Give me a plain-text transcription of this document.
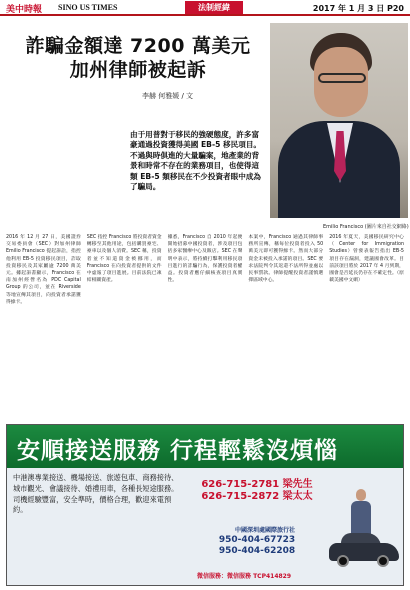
美中時報 SINO US TIMES	法制經緯	2017 年 1 月 3 日 P20
詐騙金額達 7200 萬美元
加州律師被起訴
李赫 何雅媛 / 文
Emilio Francisco (圖片來自社交網絡)
由于用普對于移民的強硬態度，許多富豪通過投資獲得美國 EB-5 移民項目。不過與時俱進的大量騙案，地產業的背景和時常不存在的業務項目，也使得這類 EB-5 類移民在不少投資者眼中成為了騙局。
2016 年 12 月 27 日，美國證券交易委員會（SEC）對加州律師 Emilio Francisco 提起訴訟，指控他利用 EB-5 投資移民項目，詐取投資移民及其家屬逾 7200 萬美元。據起訴書顯示，Francisco 在南加州經營名為 PDC Capital Group 的公司，並在 Riverside 等地宣傳其項目，向投資者承諾獲得綠卡。
SEC 指控 Francisco 將投資者資金轉移至其他用途，包括購買豪宅、豪車以及個人消費。SEC 稱，投資者並不知道資金被挪用，而 Francisco 在向投資者提供的文件中虛報了項目進展。目前法院已凍結相關資產。
據悉，Francisco 自 2010 年起便開始招募中國投資者，涉及項目包括多家醫療中心及飯店。SEC 在聲明中表示，將持續打擊利用移民項目進行的詐騙行為，保護投資者權益。投資者應仔細核查項目真實性。
本案中，Francisco 通過其律師事務所宣傳，稱每位投資者投入 50 萬美元即可獲得綠卡。然而大部分資金未被投入承諾的項目。SEC 要求法院判令其返還不法所得並處以民事罰款。律師提醒投資者謹慎選擇區域中心。
2016 年夏天，美國移民研究中心（Center for Immigration Studies）曾發表報告指出 EB-5 項目存在漏洞，建議國會改革。目前該項目將於 2017 年 4 月到期，國會是否延長仍存在不確定性。（原載美國中文網）
安順接送服務 行程輕鬆沒煩惱
中港澳專業接送、機場接送、旅遊包車、商務接待、城市觀光、會議接待、婚禮用車，各種長短途服務。司機經驗豐富，安全準時，價格合理，歡迎來電預約。
626-715-2781 梁先生
626-715-2872 梁太太
中國深圳處國際旅行社
950-404-67723
950-404-62208
微信服務：微信服務 TCP414829
